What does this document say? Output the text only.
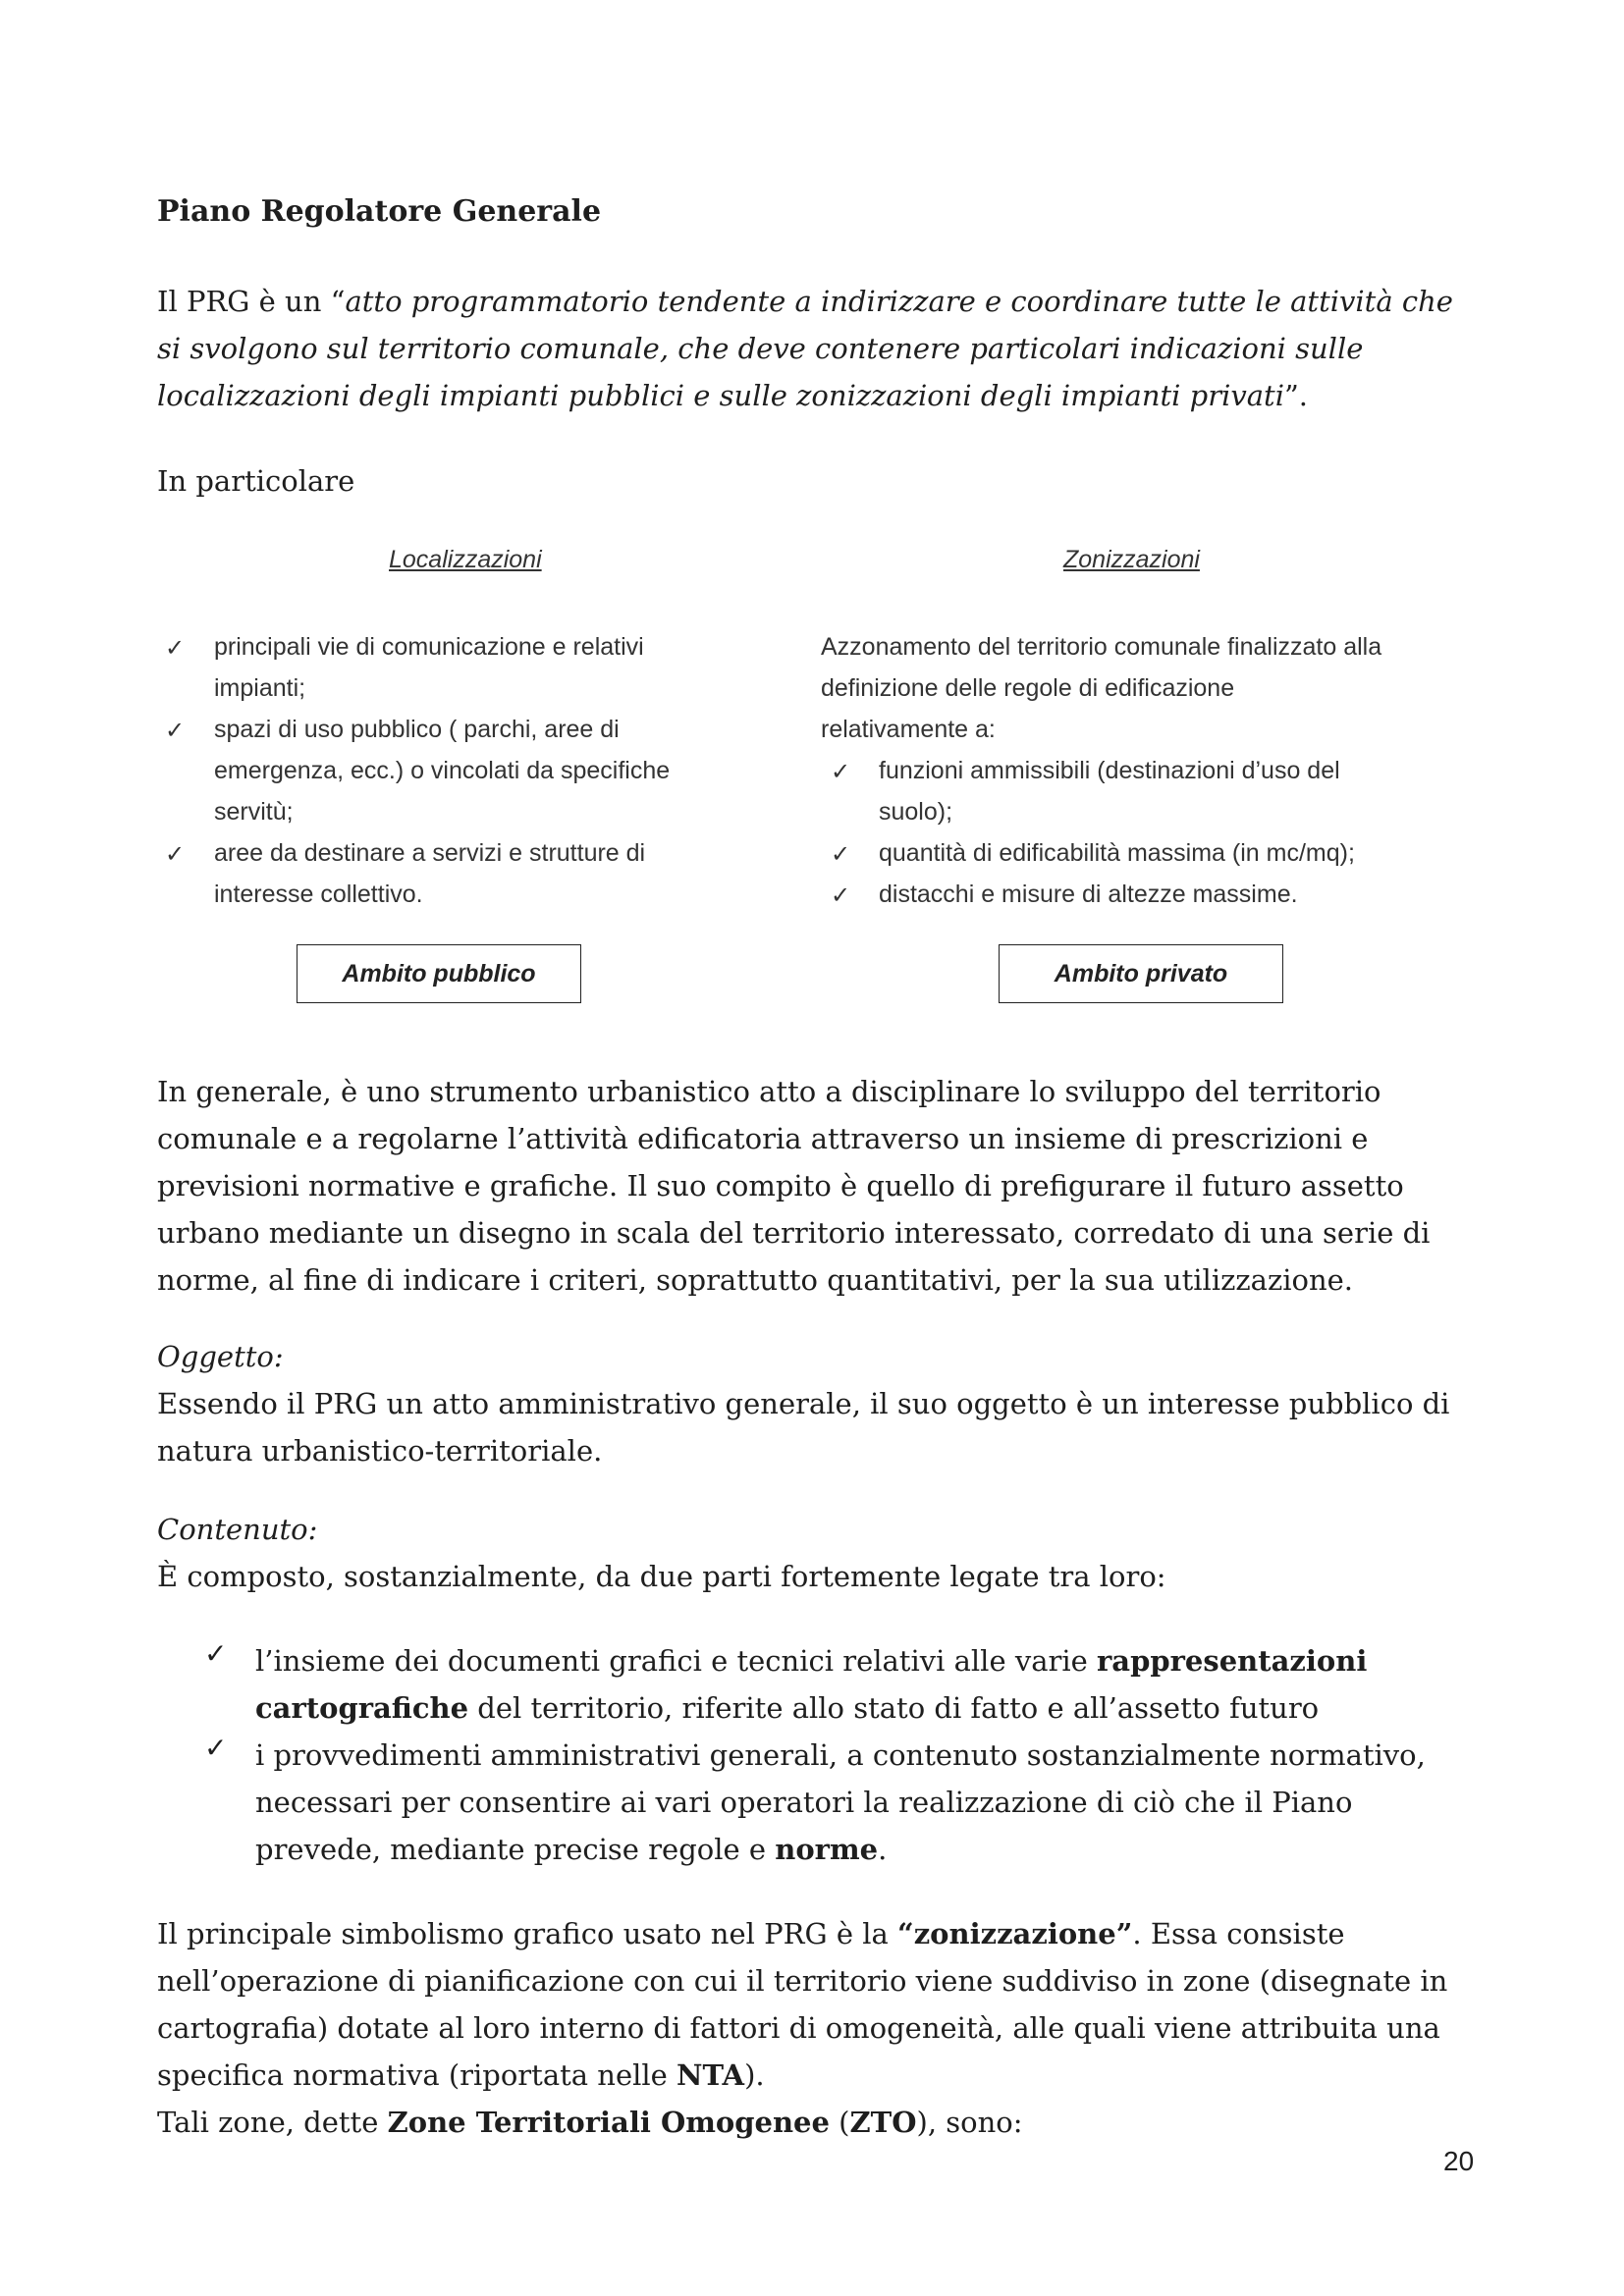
Piano Regolatore Generale
Il PRG è un “atto programmatorio tendente a indirizzare e coordinare tutte le attività che si svolgono sul territorio comunale, che deve contenere particolari indicazioni sulle localizzazioni degli impianti pubblici e sulle zonizzazioni degli impianti privati”.
In particolare
Localizzazioni	Zonizzazioni
✓ principali vie di comunicazione e relativi
impianti;
✓ spazi di uso pubblico ( parchi, aree di
emergenza, ecc.) o vincolati da specifiche
servitù;
✓ aree da destinare a servizi e strutture di
interesse collettivo.
Azzonamento del territorio comunale finalizzato alla
definizione delle regole di edificazione
relativamente a:
✓ funzioni ammissibili (destinazioni d’uso del
suolo);
✓ quantità di edificabilità massima (in mc/mq);
✓ distacchi e misure di altezze massime.
Ambito pubblico	Ambito privato
In generale, è uno strumento urbanistico atto a disciplinare lo sviluppo del territorio comunale e a regolarne l’attività edificatoria attraverso un insieme di prescrizioni e previsioni normative e grafiche. Il suo compito è quello di prefigurare il futuro assetto urbano mediante un disegno in scala del territorio interessato, corredato di una serie di norme, al fine di indicare i criteri, soprattutto quantitativi, per la sua utilizzazione.
Oggetto:
Essendo il PRG un atto amministrativo generale, il suo oggetto è un interesse pubblico di natura urbanistico-territoriale.
Contenuto:
È composto, sostanzialmente, da due parti fortemente legate tra loro:
✓ l’insieme dei documenti grafici e tecnici relativi alle varie rappresentazioni cartografiche del territorio, riferite allo stato di fatto e all’assetto futuro
✓ i provvedimenti amministrativi generali, a contenuto sostanzialmente normativo, necessari per consentire ai vari operatori la realizzazione di ciò che il Piano prevede, mediante precise regole e norme.
Il principale simbolismo grafico usato nel PRG è la “zonizzazione”. Essa consiste nell’operazione di pianificazione con cui il territorio viene suddiviso in zone (disegnate in cartografia) dotate al loro interno di fattori di omogeneità, alle quali viene attribuita una specifica normativa (riportata nelle NTA).
Tali zone, dette Zone Territoriali Omogenee (ZTO), sono:
20
